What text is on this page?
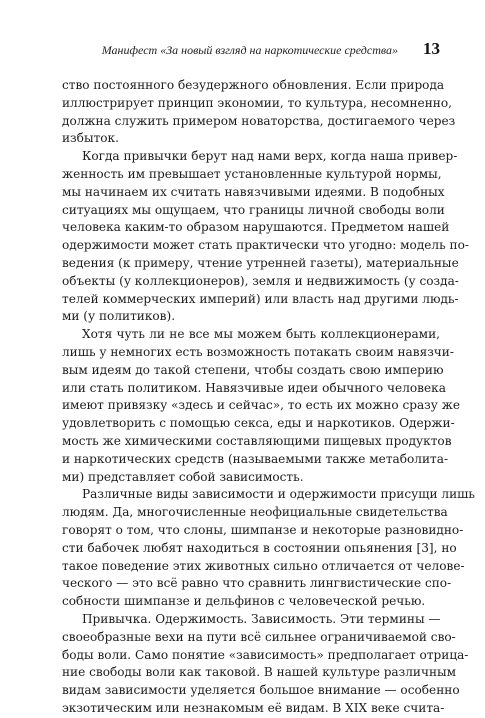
Манифест «За новый взгляд на наркотические средства» 13
ство постоянного безудержного обновления. Если природа
иллюстрирует принцип экономии, то культура, несомненно,
должна служить примером новаторства, достигаемого через
избыток.
Когда привычки берут над нами верх, когда наша привер-
женность им превышает установленные культурой нормы,
мы начинаем их считать навязчивыми идеями. В подобных
ситуациях мы ощущаем, что границы личной свободы воли
человека каким-то образом нарушаются. Предметом нашей
одержимости может стать практически что угодно: модель по-
ведения (к примеру, чтение утренней газеты), материальные
объекты (у коллекционеров), земля и недвижимость (у созда-
телей коммерческих империй) или власть над другими людь-
ми (у политиков).
Хотя чуть ли не все мы можем быть коллекционерами,
лишь у немногих есть возможность потакать своим навязчи-
вым идеям до такой степени, чтобы создать свою империю
или стать политиком. Навязчивые идеи обычного человека
имеют привязку «здесь и сейчас», то есть их можно сразу же
удовлетворить с помощью секса, еды и наркотиков. Одержи-
мость же химическими составляющими пищевых продуктов
и наркотических средств (называемыми также метаболита-
ми) представляет собой зависимость.
Различные виды зависимости и одержимости присущи лишь
людям. Да, многочисленные неофициальные свидетельства
говорят о том, что слоны, шимпанзе и некоторые разновидно-
сти бабочек любят находиться в состоянии опьянения [3], но
такое поведение этих животных сильно отличается от челове-
ческого — это всё равно что сравнить лингвистические спо-
собности шимпанзе и дельфинов с человеческой речью.
Привычка. Одержимость. Зависимость. Эти термины —
своеобразные вехи на пути всё сильнее ограничиваемой сво-
боды воли. Само понятие «зависимость» предполагает отрица-
ние свободы воли как таковой. В нашей культуре различным
видам зависимости уделяется большое внимание — особенно
экзотическим или незнакомым её видам. В XIX веке счита-
